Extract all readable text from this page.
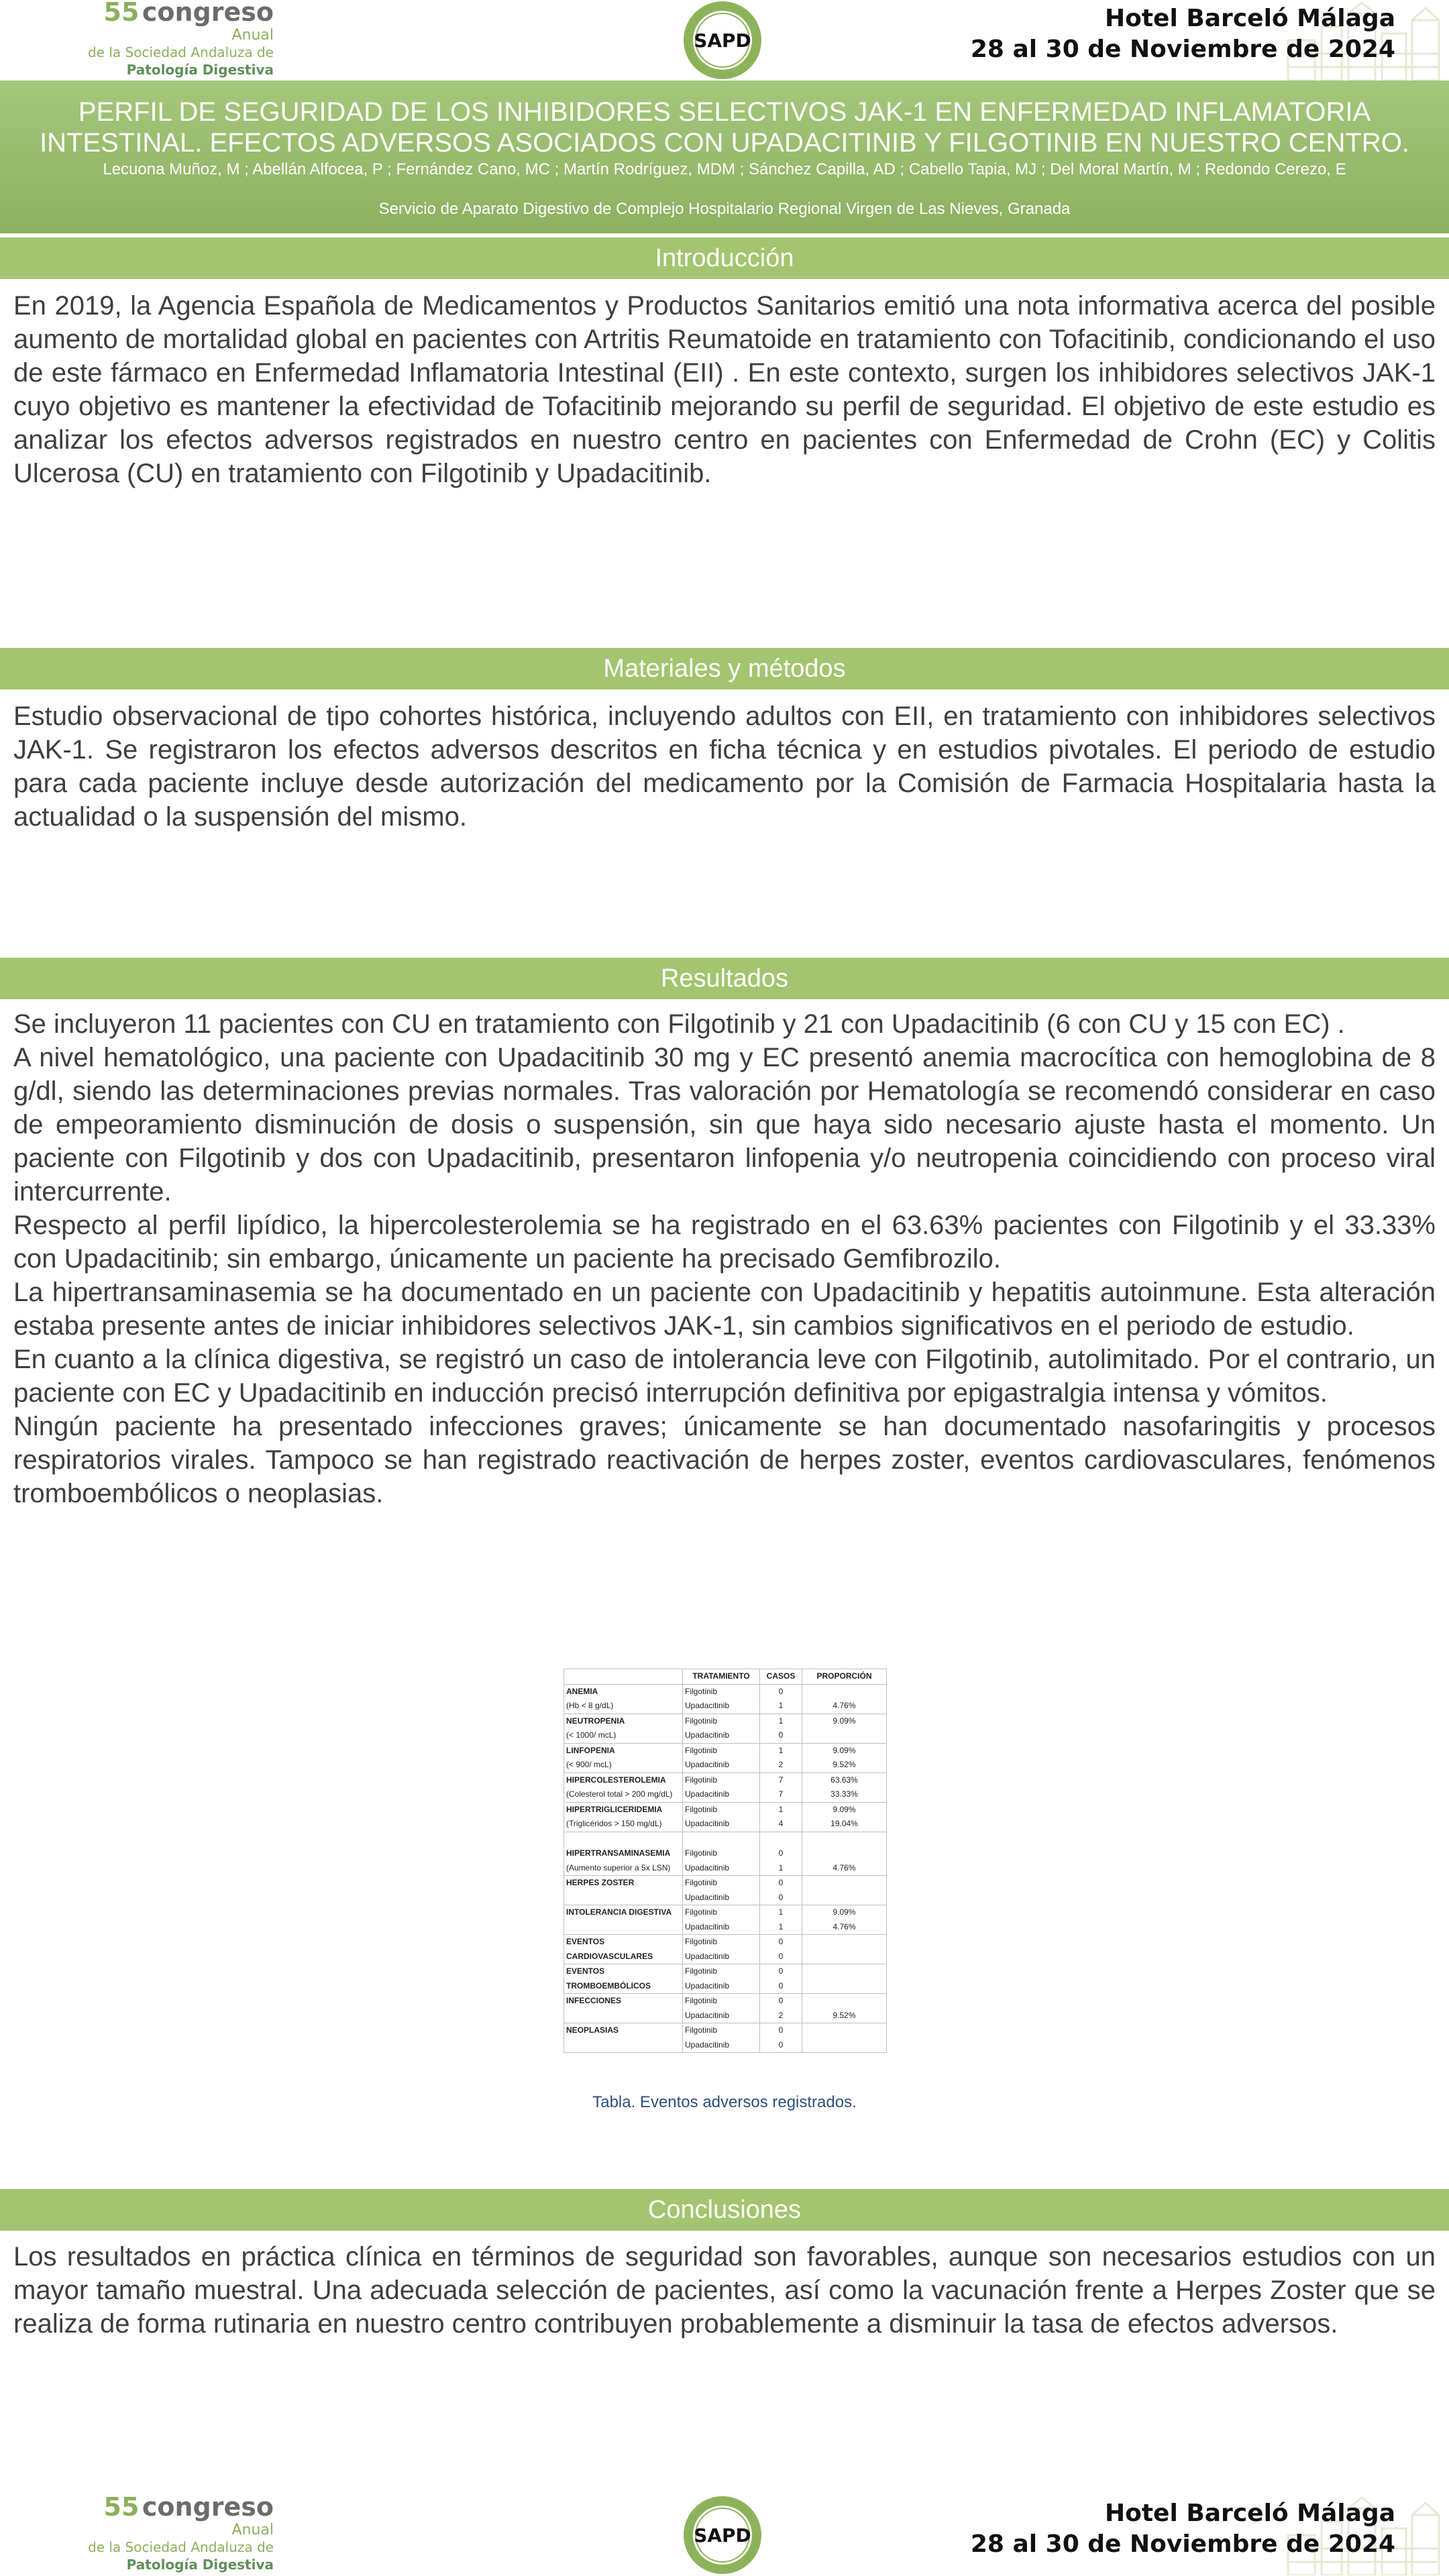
55 congreso
Anual
de la Sociedad Andaluza de
Patología Digestiva
SAPD
Hotel Barceló Málaga
28 al 30 de Noviembre de 2024
PERFIL DE SEGURIDAD DE LOS INHIBIDORES SELECTIVOS JAK-1 EN ENFERMEDAD INFLAMATORIA INTESTINAL. EFECTOS ADVERSOS ASOCIADOS CON UPADACITINIB Y FILGOTINIB EN NUESTRO CENTRO.
Lecuona Muñoz, M ; Abellán Alfocea, P ; Fernández Cano, MC ; Martín Rodríguez, MDM ; Sánchez Capilla, AD ; Cabello Tapia, MJ ; Del Moral Martín, M ; Redondo Cerezo, E
Servicio de Aparato Digestivo de Complejo Hospitalario Regional Virgen de Las Nieves, Granada
Introducción

En 2019, la Agencia Española de Medicamentos y Productos Sanitarios emitió una nota informativa acerca del posible aumento de mortalidad global en pacientes con Artritis Reumatoide en tratamiento con Tofacitinib, condicionando el uso de este fármaco en Enfermedad Inflamatoria Intestinal (EII) . En este contexto, surgen los inhibidores selectivos JAK-1 cuyo objetivo es mantener la efectividad de Tofacitinib mejorando su perfil de seguridad. El objetivo de este estudio es analizar los efectos adversos registrados en nuestro centro en pacientes con Enfermedad de Crohn (EC) y Colitis Ulcerosa (CU) en tratamiento con Filgotinib y Upadacitinib.

Materiales y métodos

Estudio observacional de tipo cohortes histórica, incluyendo adultos con EII, en tratamiento con inhibidores selectivos JAK-1. Se registraron los efectos adversos descritos en ficha técnica y en estudios pivotales. El periodo de estudio para cada paciente incluye desde autorización del medicamento por la Comisión de Farmacia Hospitalaria hasta la actualidad o la suspensión del mismo.

Resultados

Se incluyeron 11 pacientes con CU en tratamiento con Filgotinib y 21 con Upadacitinib (6 con CU y 15 con EC) .

A nivel hematológico, una paciente con Upadacitinib 30 mg y EC presentó anemia macrocítica con hemoglobina de 8 g/dl, siendo las determinaciones previas normales. Tras valoración por Hematología se recomendó considerar en caso de empeoramiento disminución de dosis o suspensión, sin que haya sido necesario ajuste hasta el momento. Un paciente con Filgotinib y dos con Upadacitinib, presentaron linfopenia y/o neutropenia coincidiendo con proceso viral intercurrente.

Respecto al perfil lipídico, la hipercolesterolemia se ha registrado en el 63.63% pacientes con Filgotinib y el 33.33% con Upadacitinib; sin embargo, únicamente un paciente ha precisado Gemfibrozilo.

La hipertransaminasemia se ha documentado en un paciente con Upadacitinib y hepatitis autoinmune. Esta alteración estaba presente antes de iniciar inhibidores selectivos JAK-1, sin cambios significativos en el periodo de estudio.

En cuanto a la clínica digestiva, se registró un caso de intolerancia leve con Filgotinib, autolimitado. Por el contrario, un paciente con EC y Upadacitinib en inducción precisó interrupción definitiva por epigastralgia intensa y vómitos.

Ningún paciente ha presentado infecciones graves; únicamente se han documentado nasofaringitis y procesos respiratorios virales. Tampoco se han registrado reactivación de herpes zoster, eventos cardiovasculares, fenómenos tromboembólicos o neoplasias.

	TRATAMIENTO	CASOS	PROPORCIÓN
ANEMIA	Filgotinib	0	
(Hb < 8 g/dL)	Upadacitinib	1	4.76%
NEUTROPENIA	Filgotinib	1	9.09%
(< 1000/ mcL)	Upadacitinib	0	
LINFOPENIA	Filgotinib	1	9.09%
(< 900/ mcL)	Upadacitinib	2	9.52%
HIPERCOLESTEROLEMIA	Filgotinib	7	63.63%
(Colesterol total > 200 mg/dL)	Upadacitinib	7	33.33%
HIPERTRIGLICERIDEMIA	Filgotinib	1	9.09%
(Triglicéridos > 150 mg/dL)	Upadacitinib	4	19.04%

HIPERTRANSAMINASEMIA	Filgotinib	0	
(Aumento superior a 5x LSN)	Upadacitinib	1	4.76%
HERPES ZOSTER	Filgotinib	0	
	Upadacitinib	0	
INTOLERANCIA DIGESTIVA	Filgotinib	1	9.09%
	Upadacitinib	1	4.76%
EVENTOS	Filgotinib	0	
CARDIOVASCULARES	Upadacitinib	0	
EVENTOS	Filgotinib	0	
TROMBOEMBÓLICOS	Upadacitinib	0	
INFECCIONES	Filgotinib	0	
	Upadacitinib	2	9.52%
NEOPLASIAS	Filgotinib	0	
	Upadacitinib	0	
Tabla. Eventos adversos registrados.
Conclusiones

Los resultados en práctica clínica en términos de seguridad son favorables, aunque son necesarios estudios con un mayor tamaño muestral. Una adecuada selección de pacientes, así como la vacunación frente a Herpes Zoster que se realiza de forma rutinaria en nuestro centro contribuyen probablemente a disminuir la tasa de efectos adversos.

55 congreso
Anual
de la Sociedad Andaluza de
Patología Digestiva
SAPD
Hotel Barceló Málaga
28 al 30 de Noviembre de 2024
